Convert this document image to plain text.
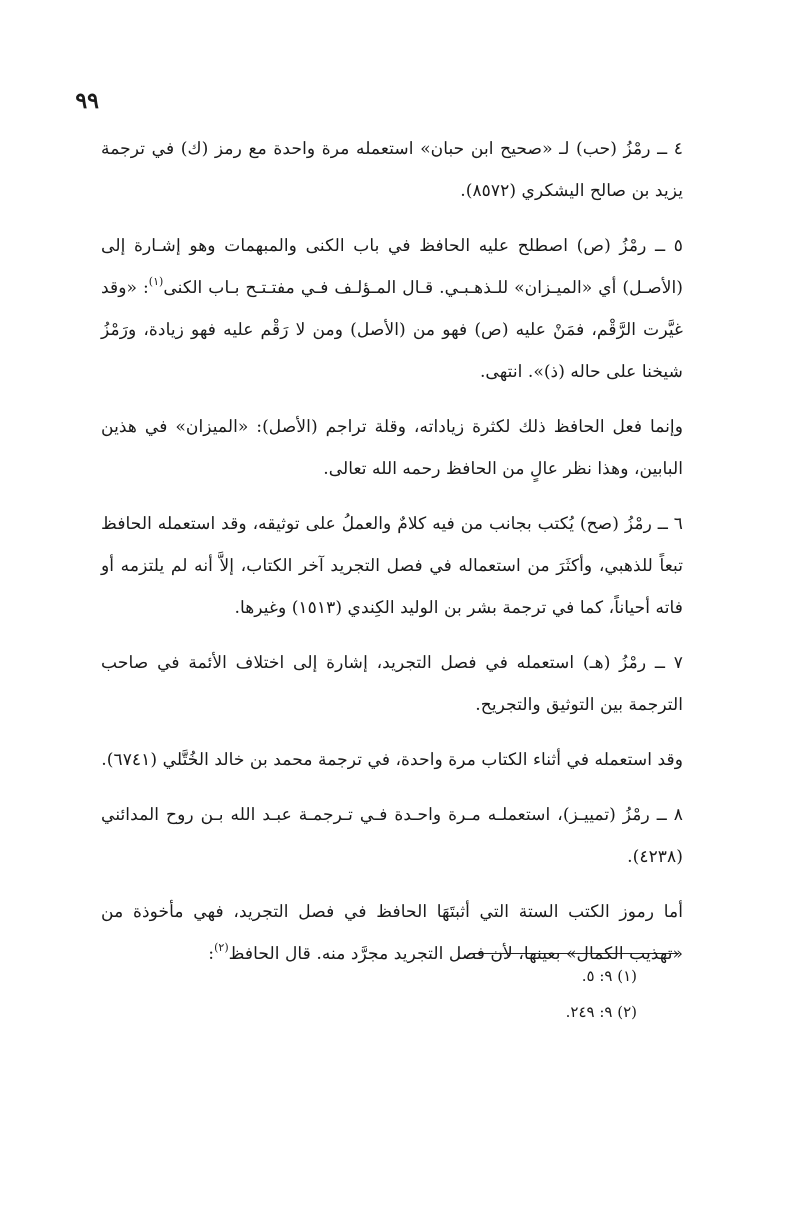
٩٩

٤ ــ رمْزُ (حب) لـ «صحيح ابن حبان» استعمله مرة واحدة مع رمز (ك) في ترجمة يزيد بن صالح اليشكري (٨٥٧٢).

٥ ــ رمْزُ (ص) اصطلح عليه الحافظ في باب الكنى والمبهمات وهو إشـارة إلى (الأصـل) أي «الميـزان» للـذهـبـي. قـال المـؤلـف فـي مفتـتـح بـاب الكنى$^{(١)}$: «وقد غيَّرت الرَّقْم، فمَنْ عليه (ص) فهو من (الأصل) ومن لا رَقْم عليه فهو زيادة، ورَمْزُ شيخنا على حاله (ذ)». انتهى.

وإنما فعل الحافظ ذلك لكثرة زياداته، وقلة تراجم (الأصل): «الميزان» في هذين البابين، وهذا نظر عالٍ من الحافظ رحمه الله تعالى.

٦ ــ رمْزُ (صح) يُكتب بجانب من فيه كلامٌ والعملُ على توثيقه، وقد استعمله الحافظ تبعاً للذهبي، وأكثَرَ من استعماله في فصل التجريد آخر الكتاب، إلاَّ أنه لم يلتزمه أو فاته أحياناً، كما في ترجمة بشر بن الوليد الكِندي (١٥١٣) وغيرها.

٧ ــ رمْزُ (هـ) استعمله في فصل التجريد، إشارة إلى اختلاف الأئمة في صاحب الترجمة بين التوثيق والتجريح.

وقد استعمله في أثناء الكتاب مرة واحدة، في ترجمة محمد بن خالد الخُتَّلي (٦٧٤١).

٨ ــ رمْزُ (تمييـز)، استعملـه مـرة واحـدة فـي تـرجمـة عبـد الله بـن روح المدائني (٤٢٣٨).

أما رموز الكتب الستة التي أثبتَهَا الحافظ في فصل التجريد، فهي مأخوذة من «تهذيب الكمال» بعينها، لأن فصل التجريد مجرَّد منه. قال الحافظ$^{(٢)}$:

(١) ٩: ٥.
(٢) ٩: ٢٤٩.
